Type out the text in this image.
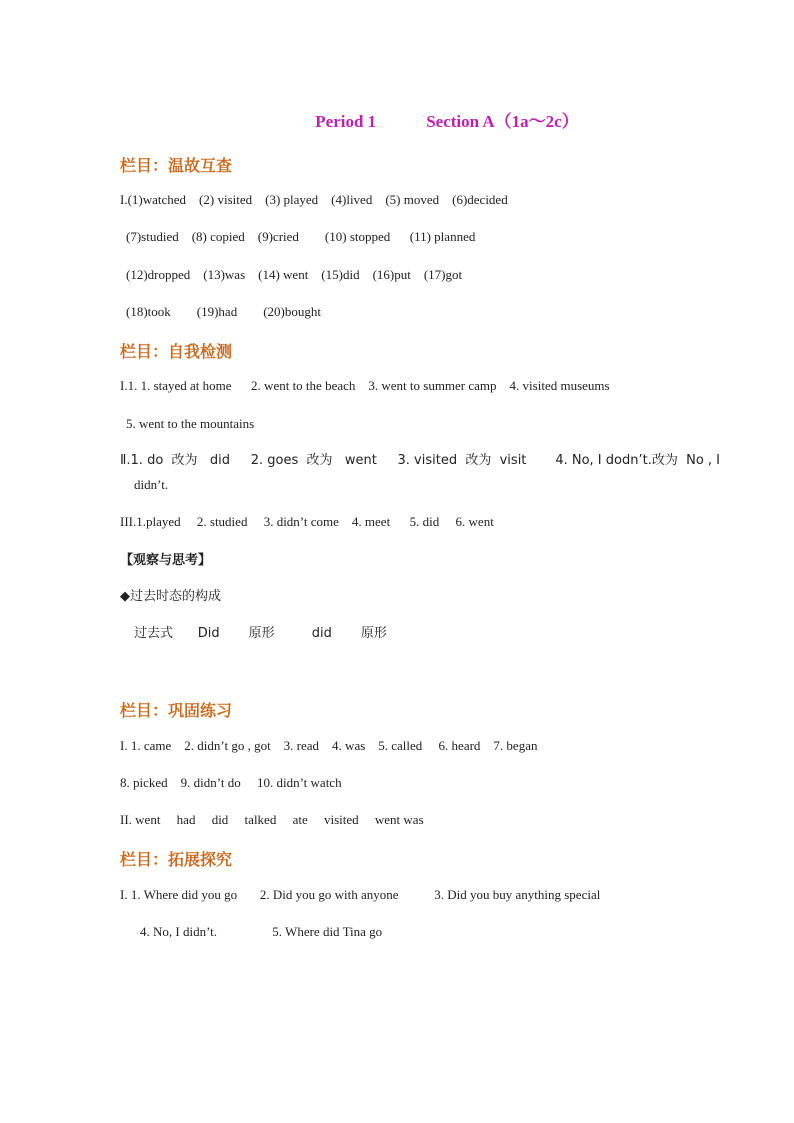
Period 1	Section A（1a～2c）
栏目：温故互查
I.(1)watched    (2) visited    (3) played    (4)lived    (5) moved    (6)decided
(7)studied    (8) copied    (9)cried        (10) stopped      (11) planned
(12)dropped    (13)was    (14) went    (15)did    (16)put    (17)got
(18)took        (19)had        (20)bought
栏目：自我检测
I.1. 1. stayed at home      2. went to the beach    3. went to summer camp    4. visited museums
5. went to the mountains
Ⅱ.1. do  改为   did     2. goes  改为   went     3. visited  改为  visit       4. No, I dodn’t.改为  No , I
didn’t.
III.1.played     2. studied     3. didn’t come    4. meet      5. did     6. went
【观察与思考】
◆过去时态的构成
过去式      Did       原形         did       原形
栏目：巩固练习
I. 1. came    2. didn’t go , got    3. read    4. was    5. called     6. heard    7. began
8. picked    9. didn’t do     10. didn’t watch
II. went     had     did     talked     ate     visited     went was
栏目：拓展探究
I. 1. Where did you go       2. Did you go with anyone           3. Did you buy anything special
4. No, I didn’t.                 5. Where did Tina go
